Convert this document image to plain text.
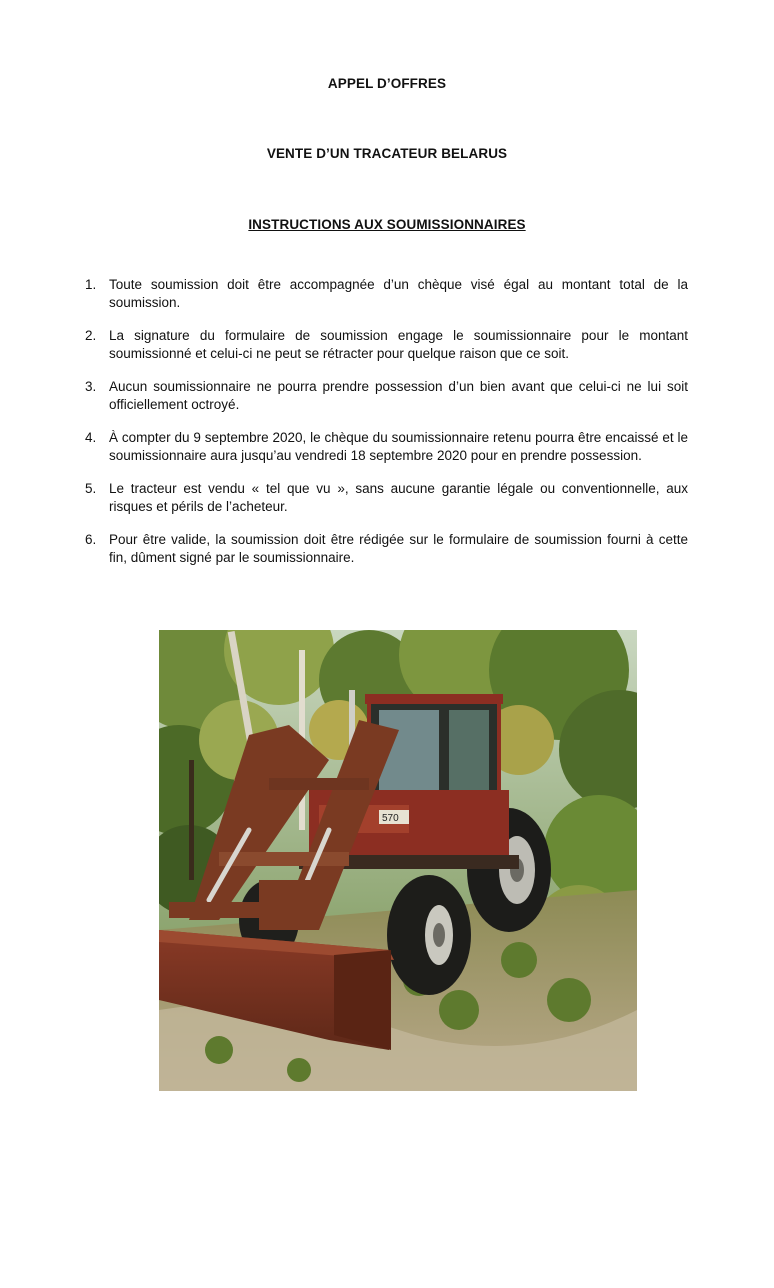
APPEL D’OFFRES
VENTE D’UN TRACATEUR BELARUS
INSTRUCTIONS AUX SOUMISSIONNAIRES
1. Toute soumission doit être accompagnée d’un chèque visé égal au montant total de la soumission.
2. La signature du formulaire de soumission engage le soumissionnaire pour le montant soumissionné et celui-ci ne peut se rétracter pour quelque raison que ce soit.
3. Aucun soumissionnaire ne pourra prendre possession d’un bien avant que celui-ci ne lui soit officiellement octroyé.
4. À compter du 9 septembre 2020, le chèque du soumissionnaire retenu pourra être encaissé et le soumissionnaire aura jusqu’au vendredi 18 septembre 2020 pour en prendre possession.
5. Le tracteur est vendu « tel que vu », sans aucune garantie légale ou conventionnelle, aux risques et périls de l’acheteur.
6. Pour être valide, la soumission doit être rédigée sur le formulaire de soumission fourni à cette fin, dûment signé par le soumissionnaire.
570
